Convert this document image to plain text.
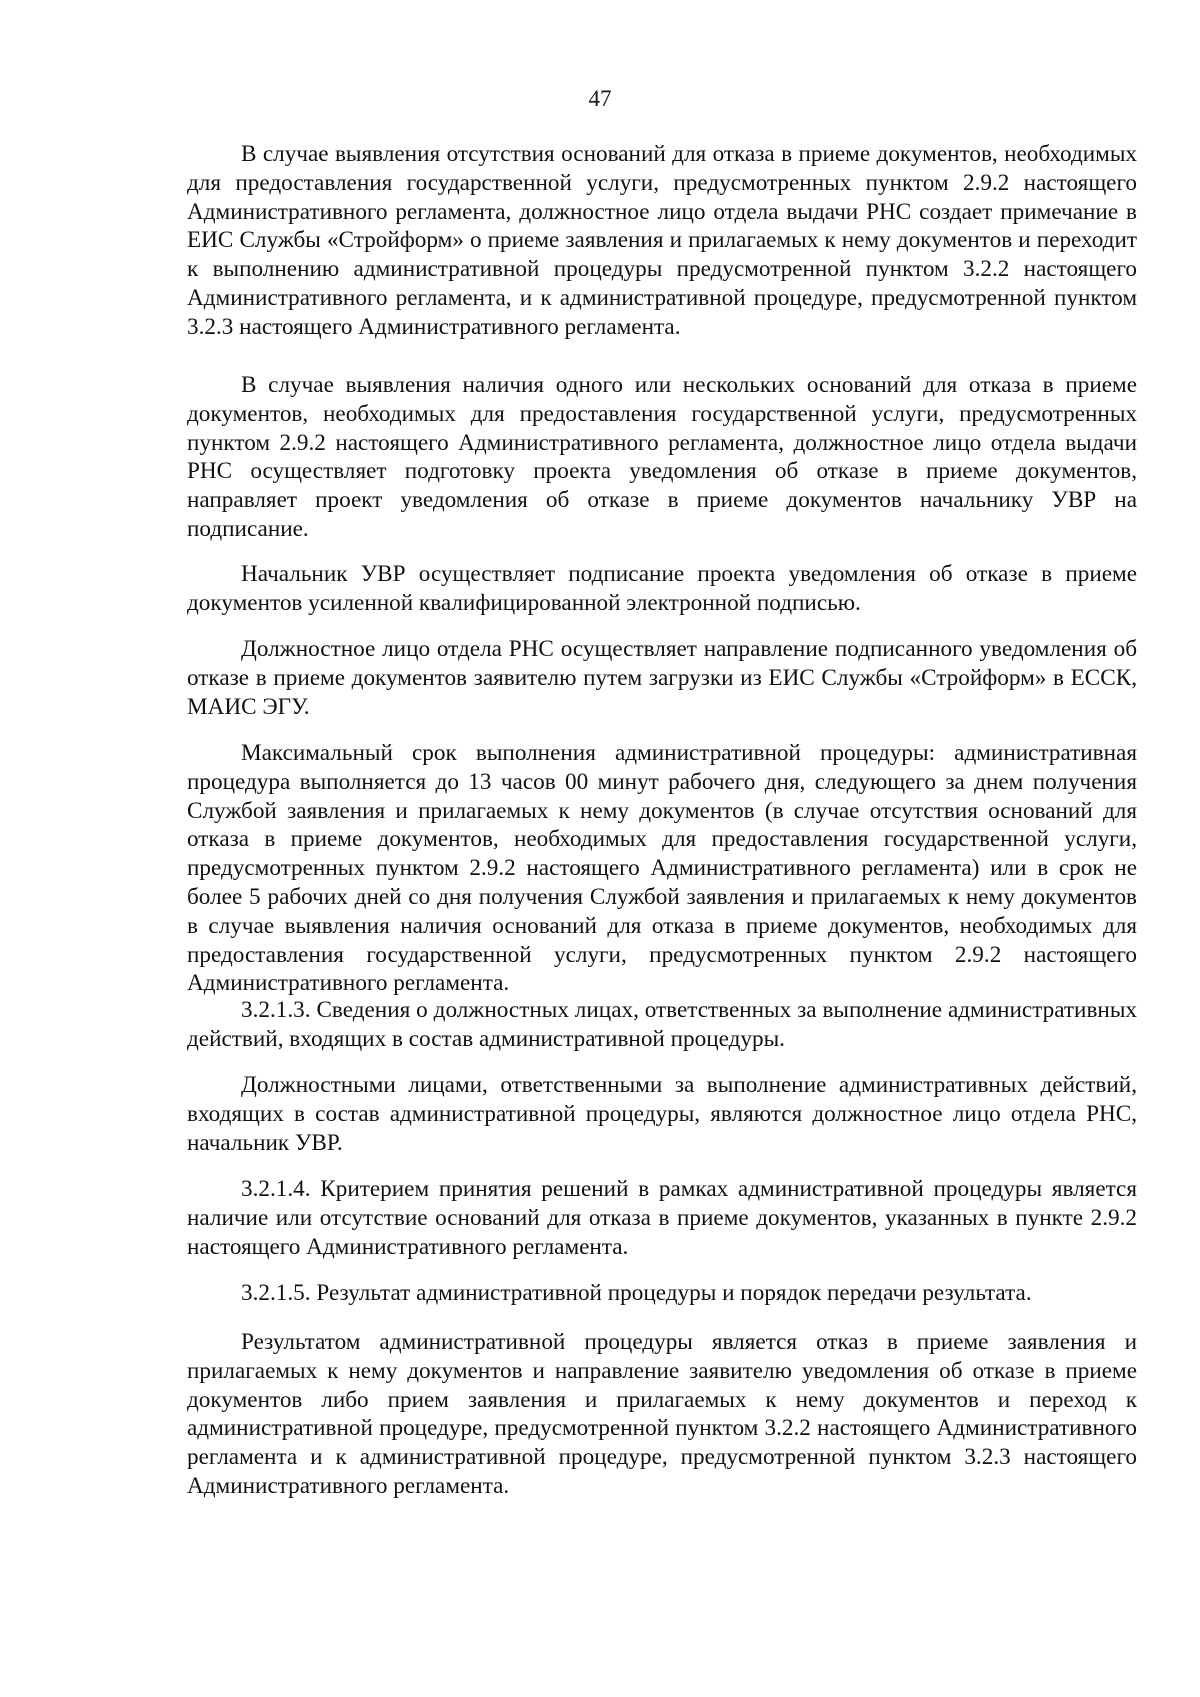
47

В случае выявления отсутствия оснований для отказа в приеме документов, необходимых для предоставления государственной услуги, предусмотренных пунктом 2.9.2 настоящего Административного регламента, должностное лицо отдела выдачи РНС создает примечание в ЕИС Службы «Стройформ» о приеме заявления и прилагаемых к нему документов и переходит к выполнению административной процедуры предусмотренной пунктом 3.2.2 настоящего Административного регламента, и к административной процедуре, предусмотренной пунктом 3.2.3 настоящего Административного регламента.

В случае выявления наличия одного или нескольких оснований для отказа в приеме документов, необходимых для предоставления государственной услуги, предусмотренных пунктом 2.9.2 настоящего Административного регламента, должностное лицо отдела выдачи РНС осуществляет подготовку проекта уведомления об отказе в приеме документов, направляет проект уведомления об отказе в приеме документов начальнику УВР на подписание.

Начальник УВР осуществляет подписание проекта уведомления об отказе в приеме документов усиленной квалифицированной электронной подписью.

Должностное лицо отдела РНС осуществляет направление подписанного уведомления об отказе в приеме документов заявителю путем загрузки из ЕИС Службы «Стройформ» в ЕССК, МАИС ЭГУ.

Максимальный срок выполнения административной процедуры: административная процедура выполняется до 13 часов 00 минут рабочего дня, следующего за днем получения Службой заявления и прилагаемых к нему документов (в случае отсутствия оснований для отказа в приеме документов, необходимых для предоставления государственной услуги, предусмотренных пунктом 2.9.2 настоящего Административного регламента) или в срок не более 5 рабочих дней со дня получения Службой заявления и прилагаемых к нему документов в случае выявления наличия оснований для отказа в приеме документов, необходимых для предоставления государственной услуги, предусмотренных пунктом 2.9.2 настоящего Административного регламента.

3.2.1.3. Сведения о должностных лицах, ответственных за выполнение административных действий, входящих в состав административной процедуры.

Должностными лицами, ответственными за выполнение административных действий, входящих в состав административной процедуры, являются должностное лицо отдела РНС, начальник УВР.

3.2.1.4. Критерием принятия решений в рамках административной процедуры является наличие или отсутствие оснований для отказа в приеме документов, указанных в пункте 2.9.2 настоящего Административного регламента.

3.2.1.5. Результат административной процедуры и порядок передачи результата.

Результатом административной процедуры является отказ в приеме заявления и прилагаемых к нему документов и направление заявителю уведомления об отказе в приеме документов либо прием заявления и прилагаемых к нему документов и переход к административной процедуре, предусмотренной пунктом 3.2.2 настоящего Административного регламента и к административной процедуре, предусмотренной пунктом 3.2.3 настоящего Административного регламента.
